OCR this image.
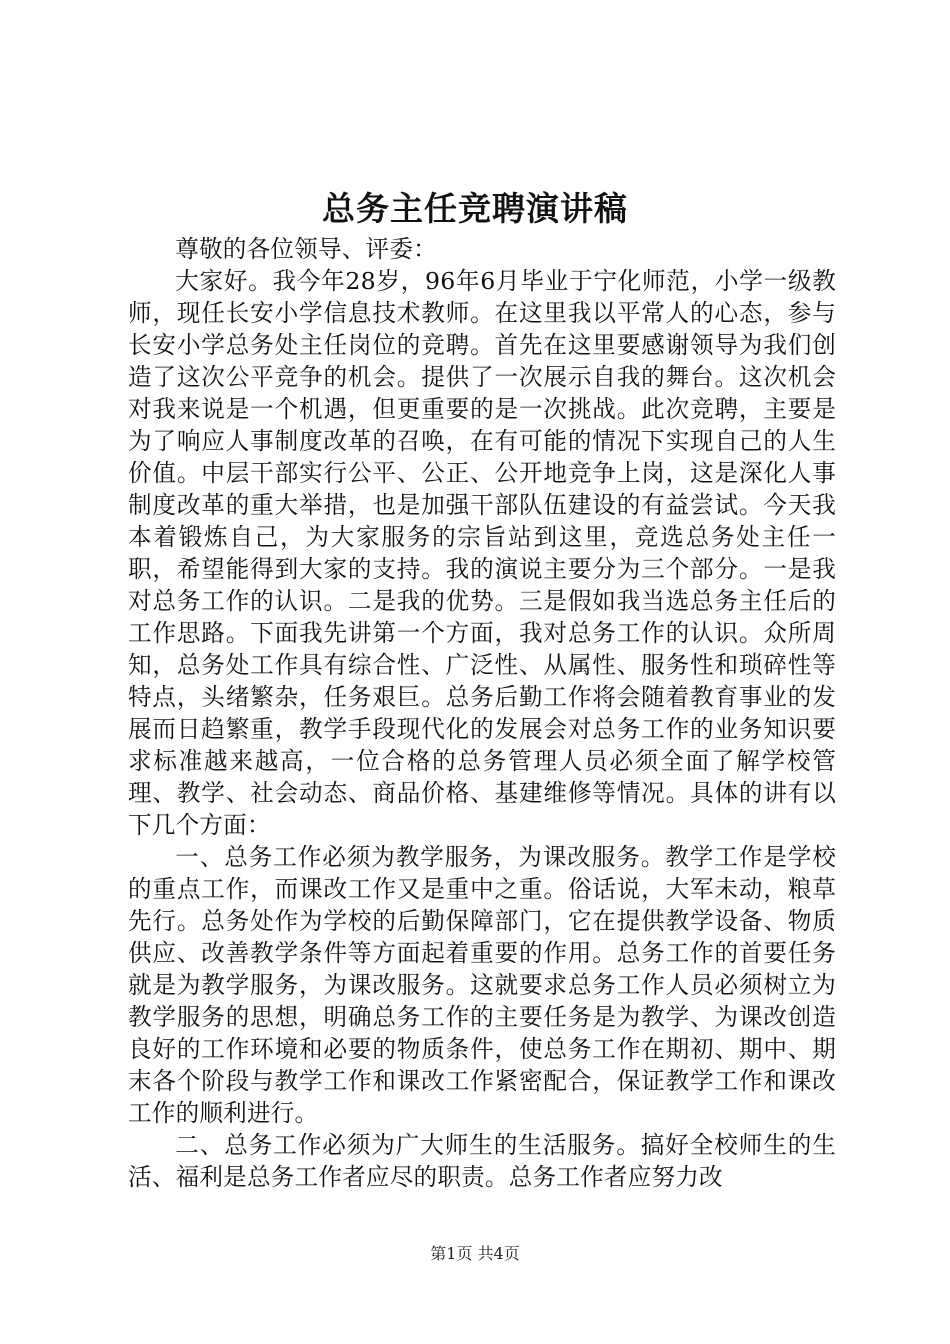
总务主任竞聘演讲稿

尊敬的各位领导、评委：

大家好。我今年28岁，96年6月毕业于宁化师范，小学一级教师，现任长安小学信息技术教师。在这里我以平常人的心态，参与长安小学总务处主任岗位的竞聘。首先在这里要感谢领导为我们创造了这次公平竞争的机会。提供了一次展示自我的舞台。这次机会对我来说是一个机遇，但更重要的是一次挑战。此次竞聘，主要是为了响应人事制度改革的召唤，在有可能的情况下实现自己的人生价值。中层干部实行公平、公正、公开地竞争上岗，这是深化人事制度改革的重大举措，也是加强干部队伍建设的有益尝试。今天我本着锻炼自己，为大家服务的宗旨站到这里，竞选总务处主任一职，希望能得到大家的支持。我的演说主要分为三个部分。一是我对总务工作的认识。二是我的优势。三是假如我当选总务主任后的工作思路。下面我先讲第一个方面，我对总务工作的认识。众所周知，总务处工作具有综合性、广泛性、从属性、服务性和琐碎性等特点，头绪繁杂，任务艰巨。总务后勤工作将会随着教育事业的发展而日趋繁重，教学手段现代化的发展会对总务工作的业务知识要求标准越来越高，一位合格的总务管理人员必须全面了解学校管理、教学、社会动态、商品价格、基建维修等情况。具体的讲有以下几个方面：

一、总务工作必须为教学服务，为课改服务。教学工作是学校的重点工作，而课改工作又是重中之重。俗话说，大军未动，粮草先行。总务处作为学校的后勤保障部门，它在提供教学设备、物质供应、改善教学条件等方面起着重要的作用。总务工作的首要任务就是为教学服务，为课改服务。这就要求总务工作人员必须树立为教学服务的思想，明确总务工作的主要任务是为教学、为课改创造良好的工作环境和必要的物质条件，使总务工作在期初、期中、期末各个阶段与教学工作和课改工作紧密配合，保证教学工作和课改工作的顺利进行。

二、总务工作必须为广大师生的生活服务。搞好全校师生的生活、福利是总务工作者应尽的职责。总务工作者应努力改

第1页 共4页
